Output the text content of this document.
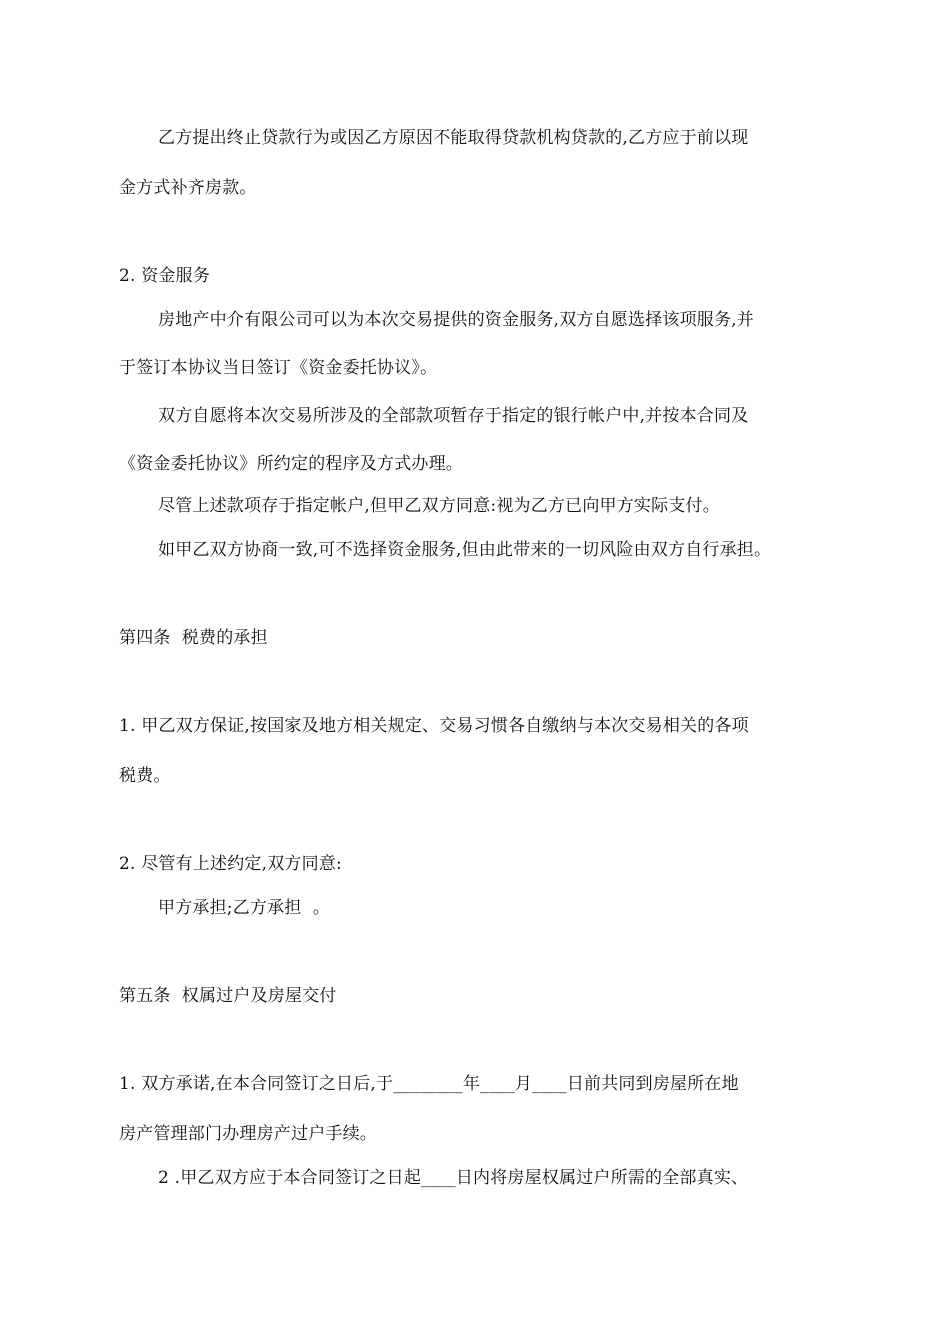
乙方提出终止贷款行为或因乙方原因不能取得贷款机构贷款的,乙方应于前以现
金方式补齐房款。
2. 资金服务
房地产中介有限公司可以为本次交易提供的资金服务,双方自愿选择该项服务,并
于签订本协议当日签订《资金委托协议》。
双方自愿将本次交易所涉及的全部款项暂存于指定的银行帐户中,并按本合同及
《资金委托协议》所约定的程序及方式办理。
尽管上述款项存于指定帐户,但甲乙双方同意:视为乙方已向甲方实际支付。
如甲乙双方协商一致,可不选择资金服务,但由此带来的一切风险由双方自行承担。
第四条  税费的承担
1. 甲乙双方保证,按国家及地方相关规定、交易习惯各自缴纳与本次交易相关的各项
税费。
2. 尽管有上述约定,双方同意:
甲方承担;乙方承担  。
第五条  权属过户及房屋交付
1. 双方承诺,在本合同签订之日后,于________年____月____日前共同到房屋所在地
房产管理部门办理房产过户手续。
2 .甲乙双方应于本合同签订之日起____日内将房屋权属过户所需的全部真实、
